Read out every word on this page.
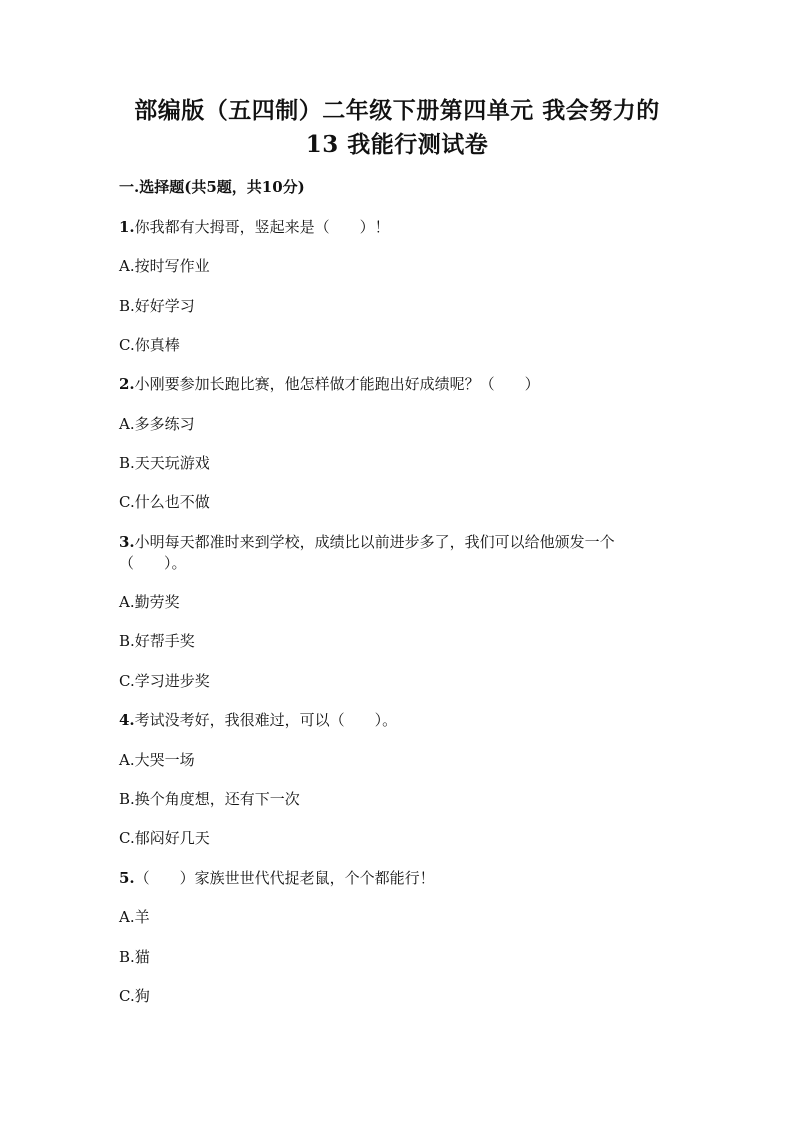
部编版（五四制）二年级下册第四单元 我会努力的
13 我能行测试卷
一.选择题(共5题，共10分)
1.你我都有大拇哥，竖起来是（　　）！
A.按时写作业
B.好好学习
C.你真棒
2.小刚要参加长跑比赛，他怎样做才能跑出好成绩呢？（　　）
A.多多练习
B.天天玩游戏
C.什么也不做
3.小明每天都准时来到学校，成绩比以前进步多了，我们可以给他颁发一个
（　　）。
A.勤劳奖
B.好帮手奖
C.学习进步奖
4.考试没考好，我很难过，可以（　　）。
A.大哭一场
B.换个角度想，还有下一次
C.郁闷好几天
5.（　　）家族世世代代捉老鼠，个个都能行！
A.羊
B.猫
C.狗
